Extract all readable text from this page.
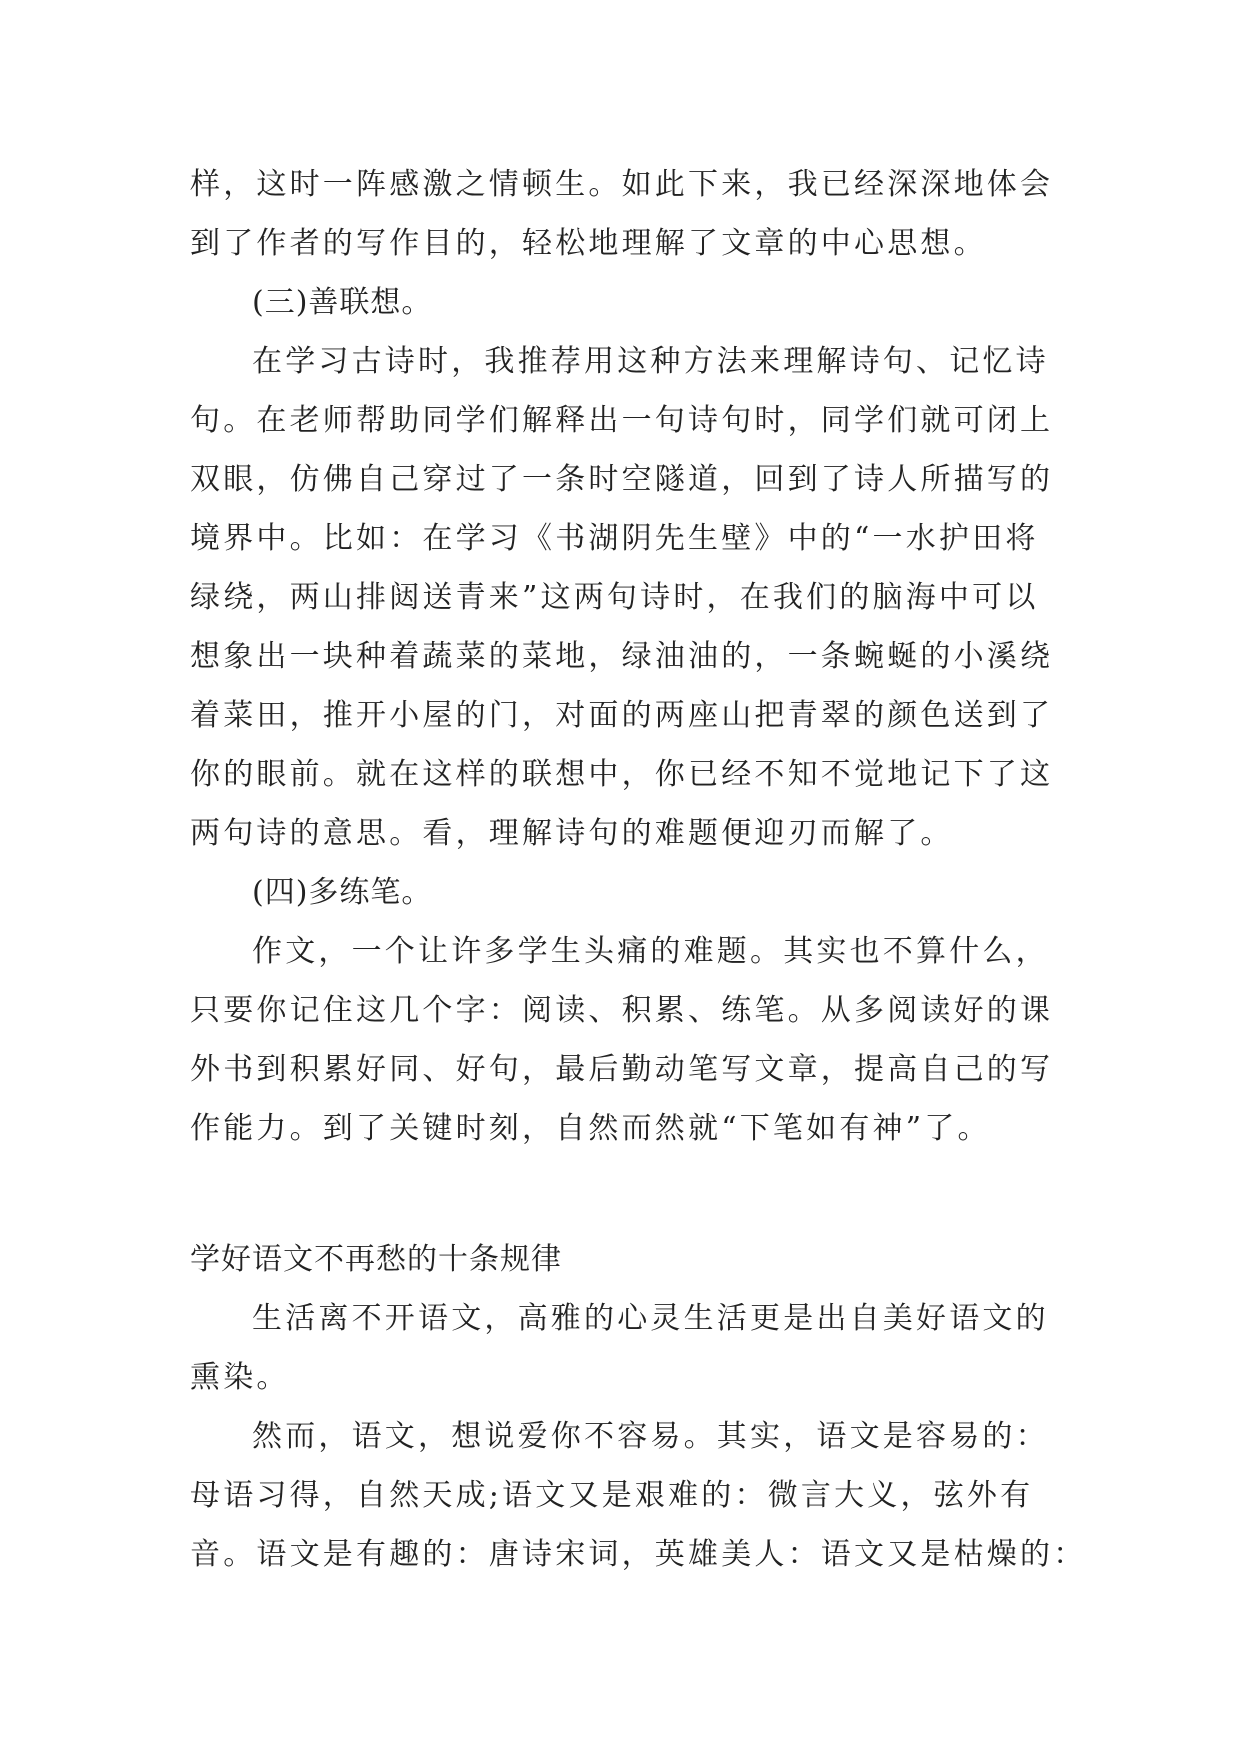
样，这时一阵感激之情顿生。如此下来，我已经深深地体会
到了作者的写作目的，轻松地理解了文章的中心思想。
(三)善联想。
在学习古诗时，我推荐用这种方法来理解诗句、记忆诗
句。在老师帮助同学们解释出一句诗句时，同学们就可闭上
双眼，仿佛自己穿过了一条时空隧道，回到了诗人所描写的
境界中。比如：在学习《书湖阴先生壁》中的“一水护田将
绿绕，两山排闼送青来”这两句诗时，在我们的脑海中可以
想象出一块种着蔬菜的菜地，绿油油的，一条蜿蜒的小溪绕
着菜田，推开小屋的门，对面的两座山把青翠的颜色送到了
你的眼前。就在这样的联想中，你已经不知不觉地记下了这
两句诗的意思。看，理解诗句的难题便迎刃而解了。
(四)多练笔。
作文，一个让许多学生头痛的难题。其实也不算什么，
只要你记住这几个字：阅读、积累、练笔。从多阅读好的课
外书到积累好同、好句，最后勤动笔写文章，提高自己的写
作能力。到了关键时刻，自然而然就“下笔如有神”了。
学好语文不再愁的十条规律
生活离不开语文，高雅的心灵生活更是出自美好语文的
熏染。
然而，语文，想说爱你不容易。其实，语文是容易的：
母语习得，自然天成;语文又是艰难的：微言大义，弦外有
音。语文是有趣的：唐诗宋词，英雄美人：语文又是枯燥的：
